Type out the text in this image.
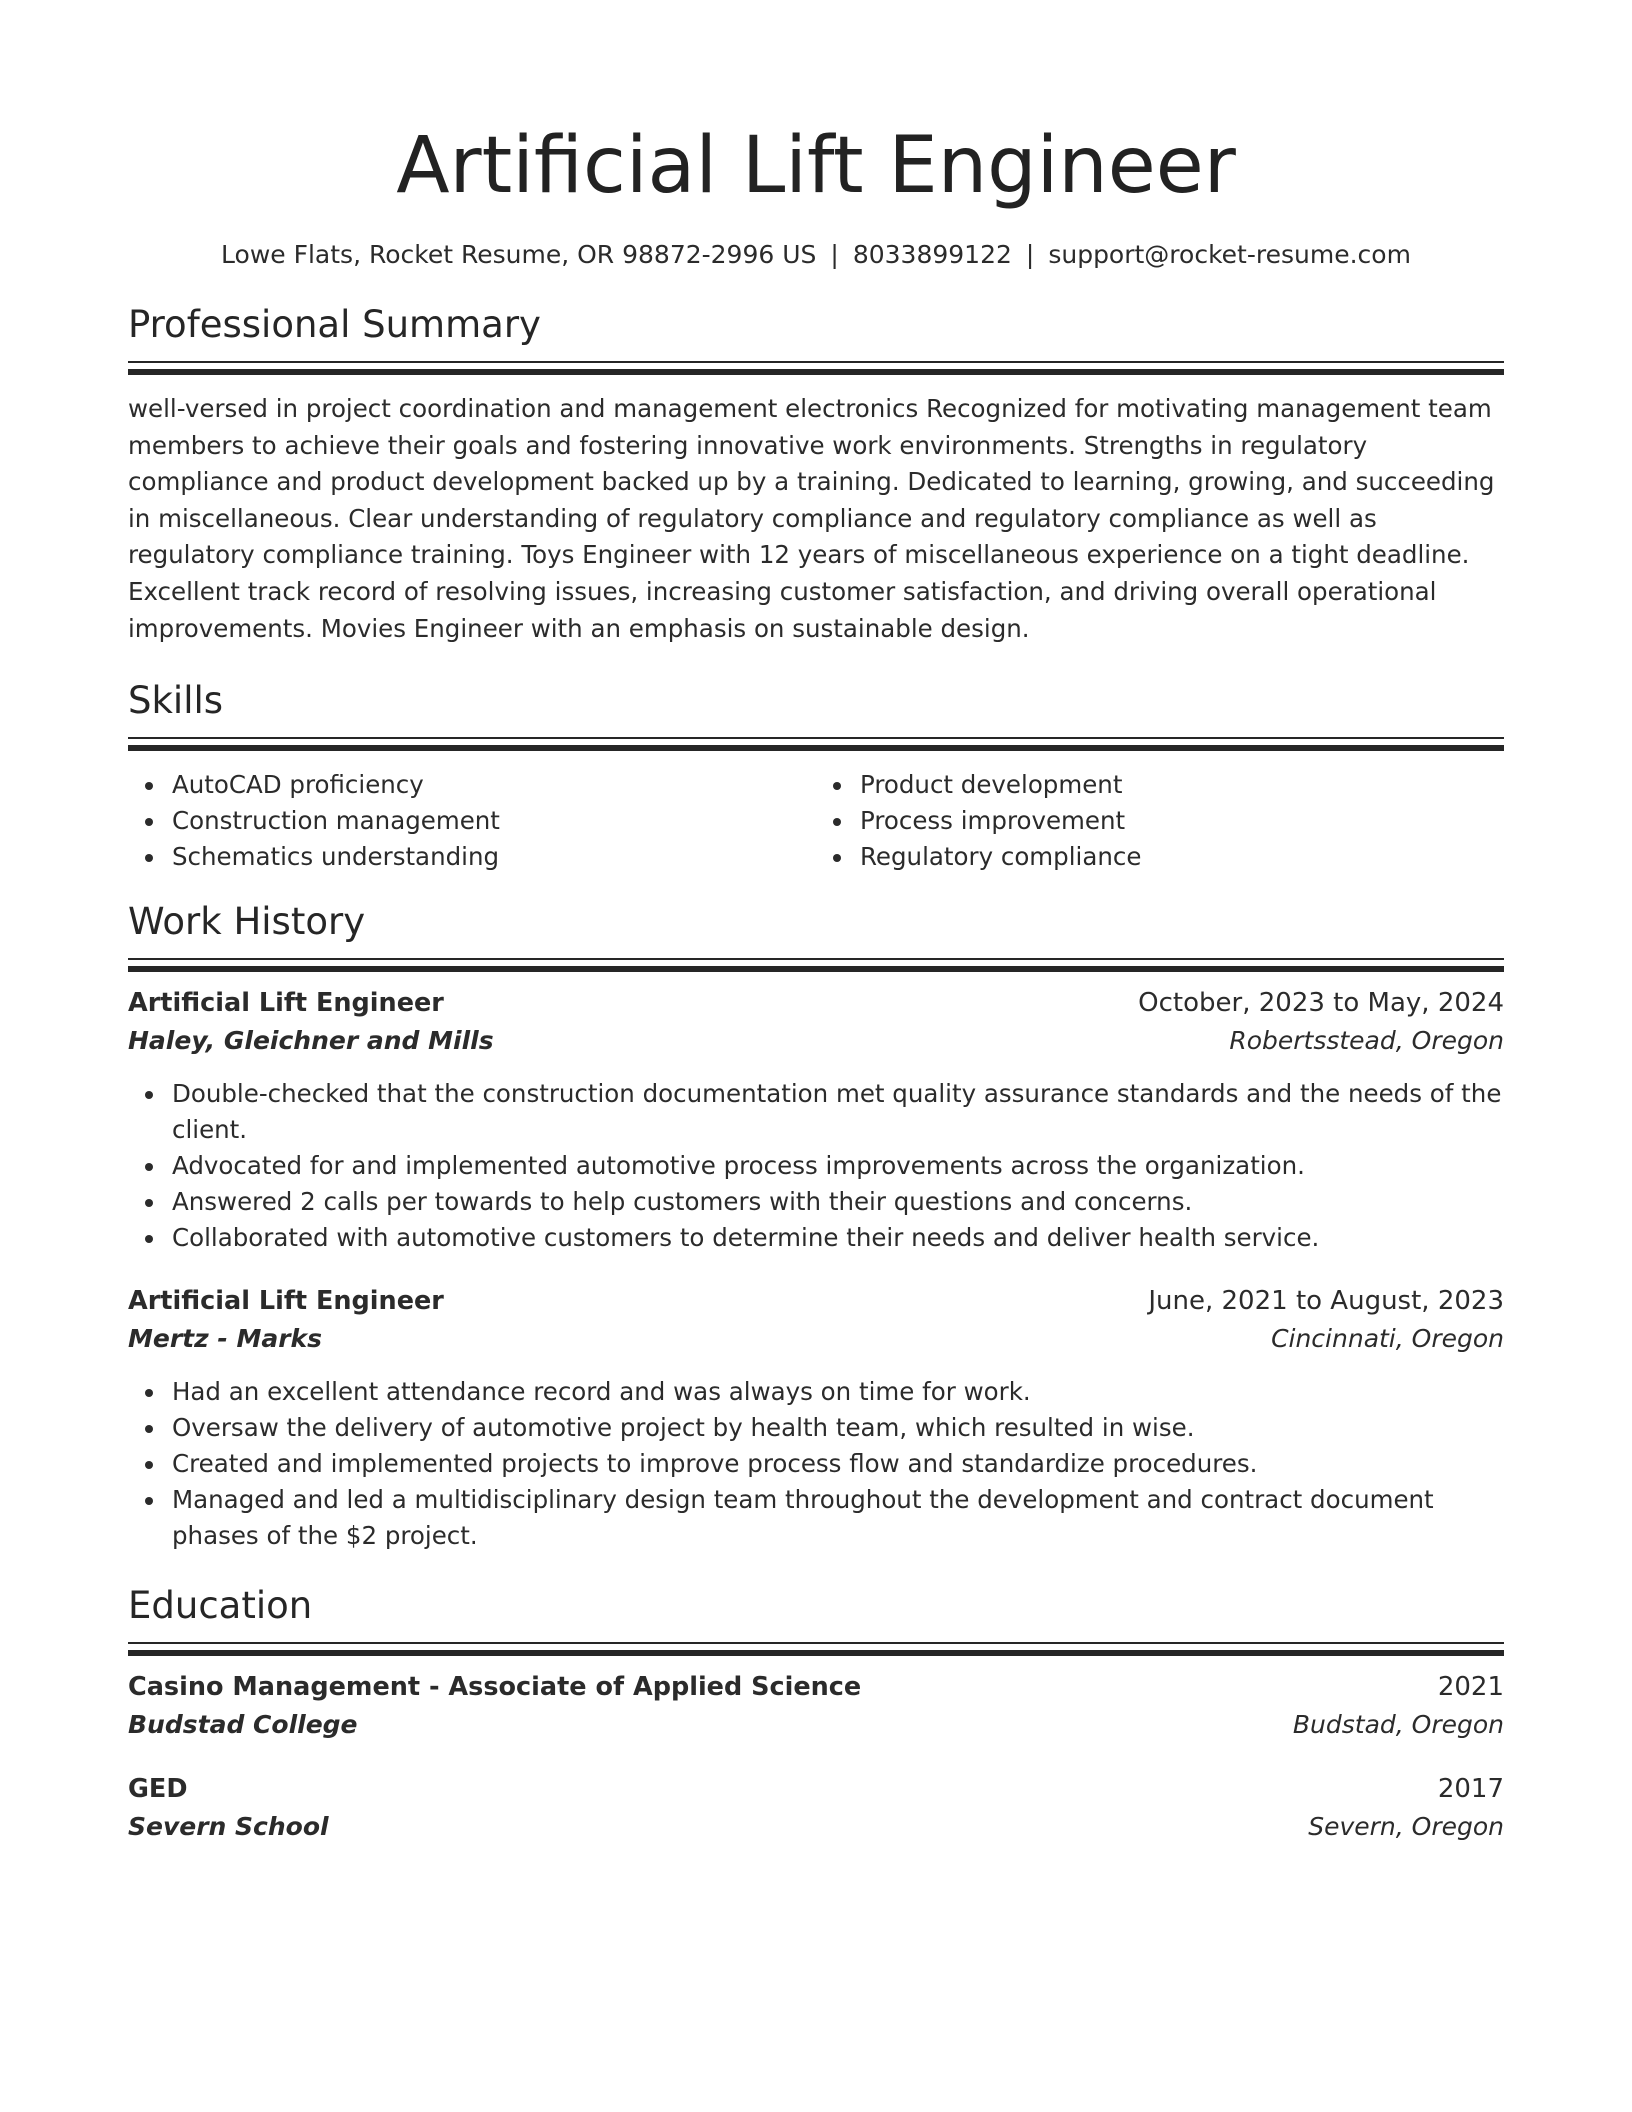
Artificial Lift Engineer
Lowe Flats, Rocket Resume, OR 98872-2996 US | 8033899122 | support@rocket-resume.com
Professional Summary
well-versed in project coordination and management electronics Recognized for motivating management team members to achieve their goals and fostering innovative work environments. Strengths in regulatory compliance and product development backed up by a training. Dedicated to learning, growing, and succeeding in miscellaneous. Clear understanding of regulatory compliance and regulatory compliance as well as regulatory compliance training. Toys Engineer with 12 years of miscellaneous experience on a tight deadline. Excellent track record of resolving issues, increasing customer satisfaction, and driving overall operational improvements. Movies Engineer with an emphasis on sustainable design.
Skills
AutoCAD proficiency
Construction management
Schematics understanding
Product development
Process improvement
Regulatory compliance
Work History
Artificial Lift Engineer	October, 2023 to May, 2024
Haley, Gleichner and Mills	Robertsstead, Oregon
Double-checked that the construction documentation met quality assurance standards and the needs of the client.
Advocated for and implemented automotive process improvements across the organization.
Answered 2 calls per towards to help customers with their questions and concerns.
Collaborated with automotive customers to determine their needs and deliver health service.
Artificial Lift Engineer	June, 2021 to August, 2023
Mertz - Marks	Cincinnati, Oregon
Had an excellent attendance record and was always on time for work.
Oversaw the delivery of automotive project by health team, which resulted in wise.
Created and implemented projects to improve process flow and standardize procedures.
Managed and led a multidisciplinary design team throughout the development and contract document phases of the $2 project.
Education
Casino Management - Associate of Applied Science	2021
Budstad College	Budstad, Oregon
GED	2017
Severn School	Severn, Oregon
